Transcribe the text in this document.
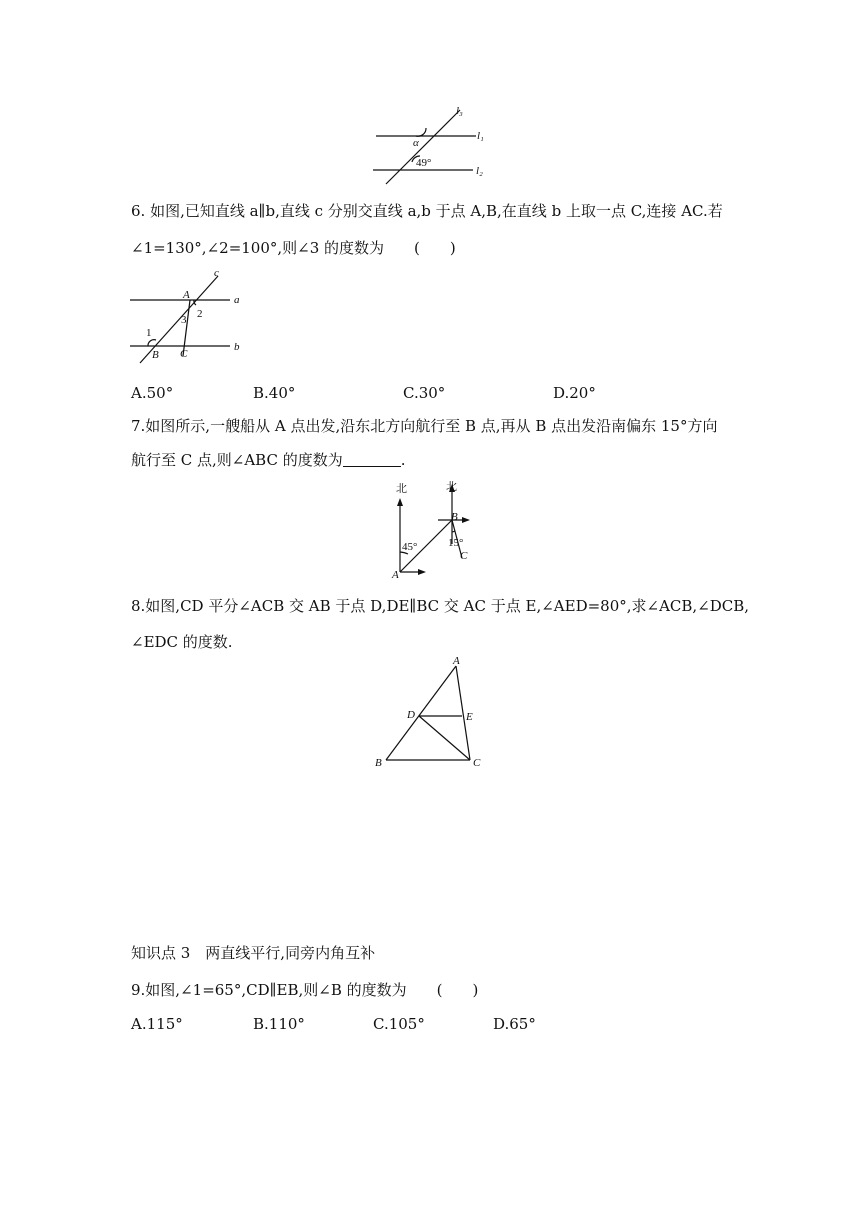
l₃
l₁
l₂
α
49°
6. 如图,已知直线 a∥b,直线 c 分别交直线 a,b 于点 A,B,在直线 b 上取一点 C,连接 AC.若
∠1=130°,∠2=100°,则∠3 的度数为　　(　　)
c
a
b
A
B C
1
2
3
A.50°	B.40°	C.30°	D.20°
7.如图所示,一艘船从 A 点出发,沿东北方向航行至 B 点,再从 B 点出发沿南偏东 15°方向
航行至 C 点,则∠ABC 的度数为	.
北	北
45°	15°
A
B
C
8.如图,CD 平分∠ACB 交 AB 于点 D,DE∥BC 交 AC 于点 E,∠AED=80°,求∠ACB,∠DCB,
∠EDC 的度数.
A
B	C
D	E
知识点 3　两直线平行,同旁内角互补
9.如图,∠1=65°,CD∥EB,则∠B 的度数为　　(　　)
A.115°	B.110°	C.105°	D.65°
